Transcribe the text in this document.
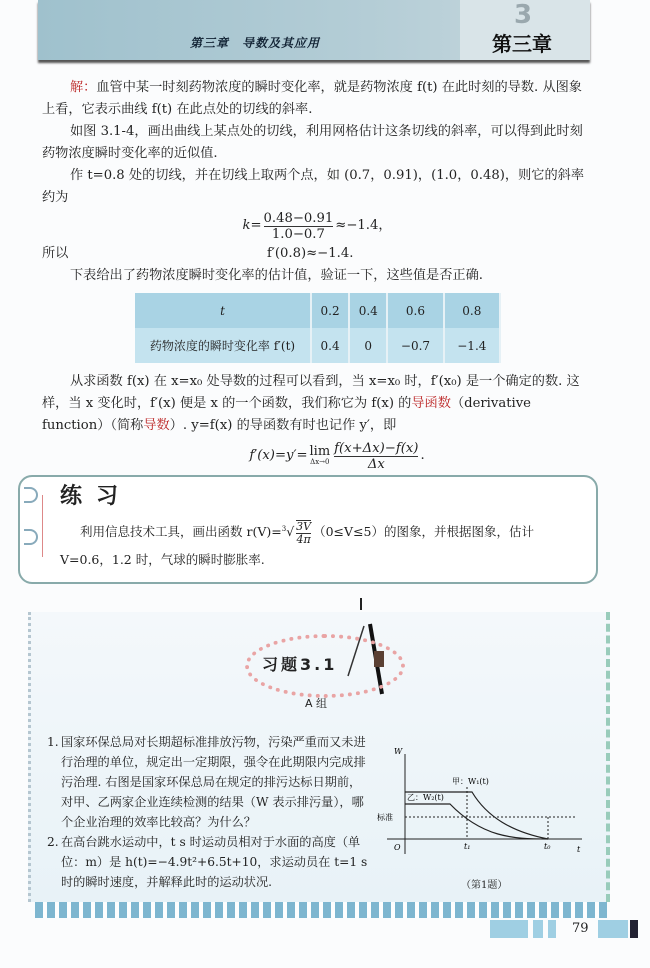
第三章　导数及其应用
3
第三章
解：血管中某一时刻药物浓度的瞬时变化率，就是药物浓度 f(t) 在此时刻的导数. 从图象上看，它表示曲线 f(t) 在此点处的切线的斜率.
如图 3.1-4，画出曲线上某点处的切线，利用网格估计这条切线的斜率，可以得到此时刻药物浓度瞬时变化率的近似值.
作 t=0.8 处的切线，并在切线上取两个点，如 (0.7，0.91)，(1.0，0.48)，则它的斜率约为
$k= \frac{0.48-0.91}{1.0-0.7} \approx-1.4$，
所以	f′(0.8)≈−1.4.
下表给出了药物浓度瞬时变化率的估计值，验证一下，这些值是否正确.
t	0.2	0.4	0.6	0.8
药物浓度的瞬时变化率 f′(t)	0.4	0	−0.7	−1.4
从求函数 f(x) 在 x=x₀ 处导数的过程可以看到，当 x=x₀ 时，f′(x₀) 是一个确定的数. 这样，当 x 变化时，f′(x) 便是 x 的一个函数，我们称它为 f(x) 的导函数（derivative function）（简称导数）. y=f(x) 的导函数有时也记作 y′，即
f′(x)=y′= lim
$\Delta x\to 0 \frac{f(x+\Delta x)-f(x)}{\Delta x}$ .
练习
利用信息技术工具，画出函数 $r(V)=^3√ \frac{3V}{4\pi} (0\le V\le 5)$的图象，并根据图象，估计 V=0.6，1.2 时，气球的瞬时膨胀率.
习题3.1
A 组
1. 国家环保总局对长期超标准排放污物，污染严重而又未进行治理的单位，规定出一定期限，强令在此期限内完成排污治理. 右图是国家环保总局在规定的排污达标日期前，对甲、乙两家企业连续检测的结果（W 表示排污量），哪个企业治理的效率比较高？为什么？
2. 在高台跳水运动中，t s 时运动员相对于水面的高度（单位：m）是 h(t)=−4.9t²+6.5t+10，求运动员在 t=1 s 时的瞬时速度，并解释此时的运动状况.
W
t
O
甲：W₁(t)
乙：W₂(t)
标准
t₁	t₀
（第1题）
79
